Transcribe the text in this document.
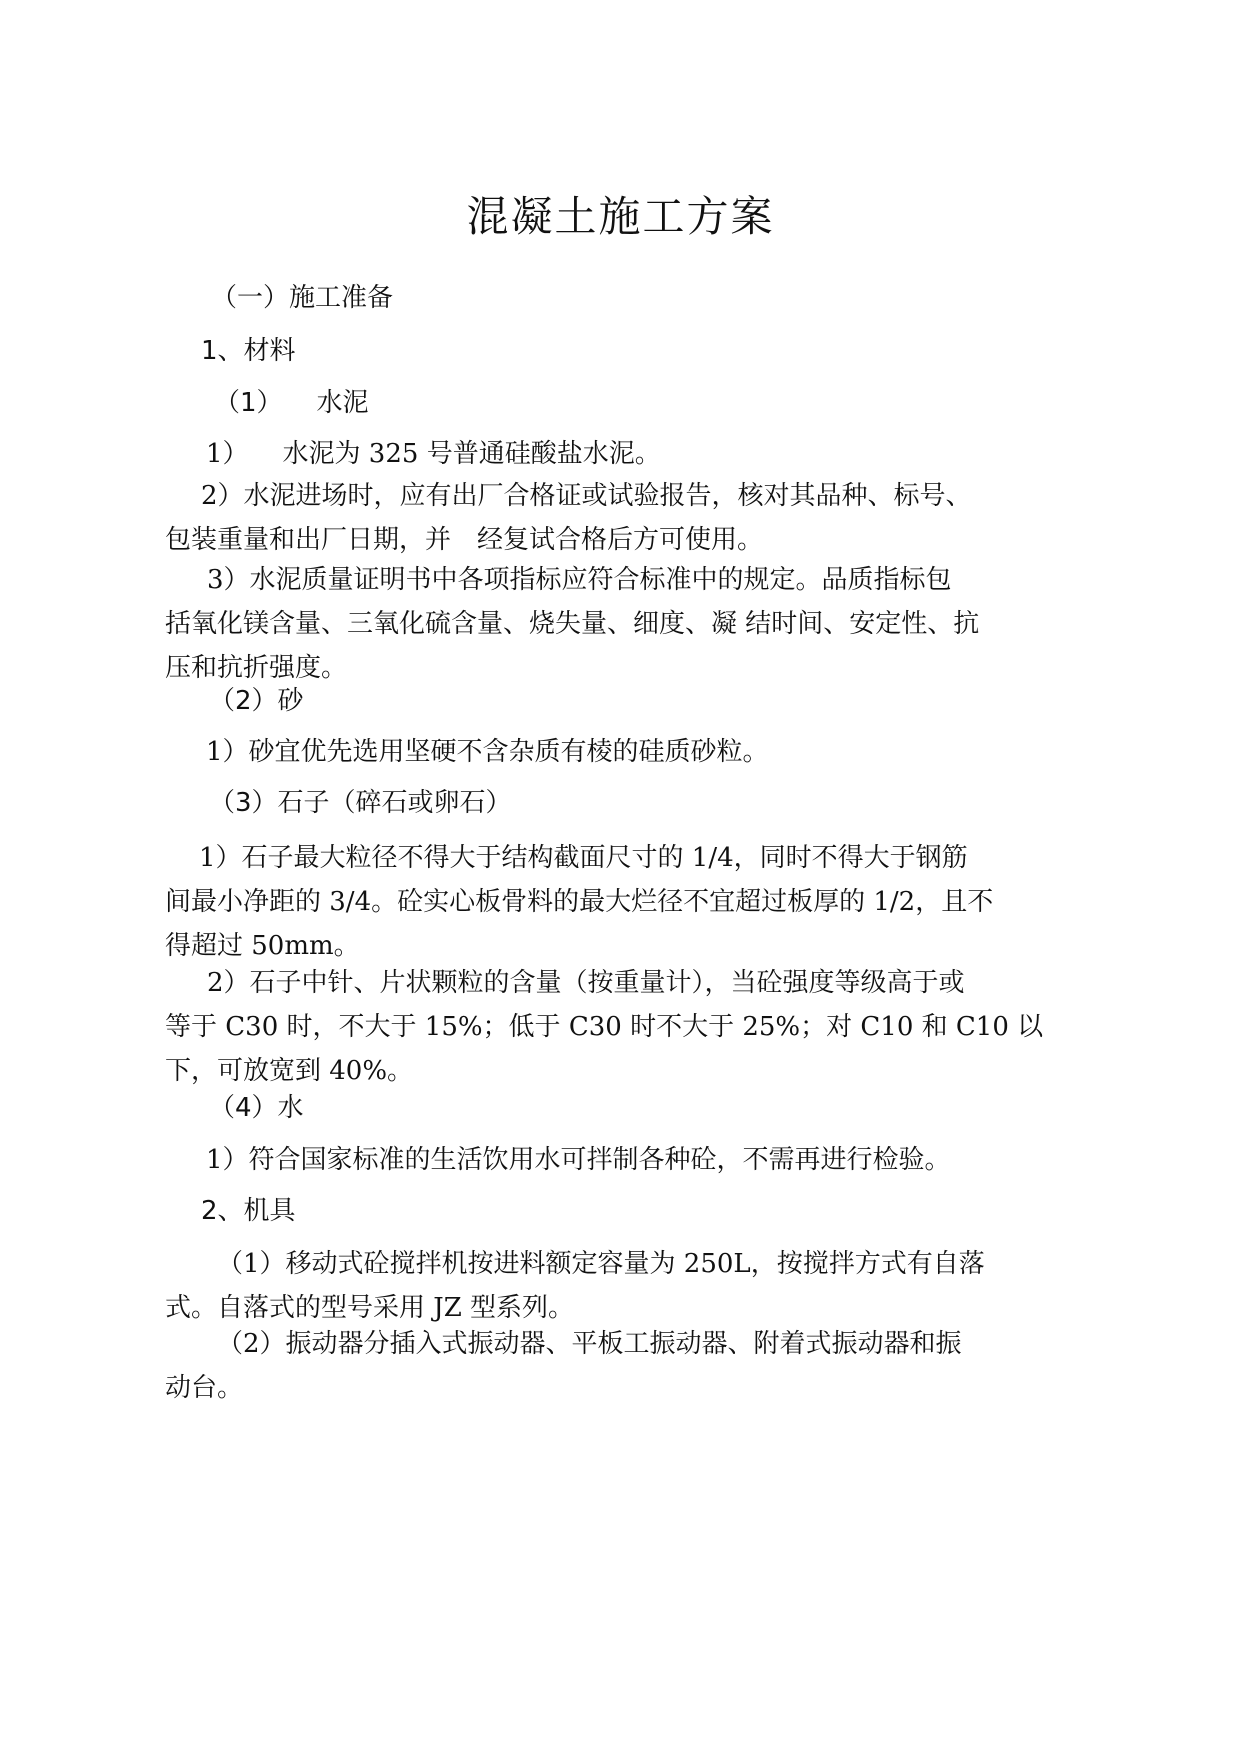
混凝土施工方案
（一）施工准备
1、材料
（1） 水泥
1） 水泥为 325 号普通硅酸盐水泥。
2）水泥进场时，应有出厂合格证或试验报告，核对其品种、标号、
包装重量和出厂日期，并　经复试合格后方可使用。
3）水泥质量证明书中各项指标应符合标准中的规定。品质指标包
括氧化镁含量、三氧化硫含量、烧失量、细度、凝 结时间、安定性、抗
压和抗折强度。
（2）砂
1）砂宜优先选用坚硬不含杂质有棱的硅质砂粒。
（3）石子（碎石或卵石）
1）石子最大粒径不得大于结构截面尺寸的 1/4，同时不得大于钢筋
间最小净距的 3/4。砼实心板骨料的最大烂径不宜超过板厚的 1/2，且不
得超过 50mm。
2）石子中针、片状颗粒的含量（按重量计），当砼强度等级高于或
等于 C30 时，不大于 15%；低于 C30 时不大于 25%；对 C10 和 C10 以
下，可放宽到 40%。
（4）水
1）符合国家标准的生活饮用水可拌制各种砼，不需再进行检验。
2、机具
（1）移动式砼搅拌机按进料额定容量为 250L，按搅拌方式有自落
式。自落式的型号采用 JZ 型系列。
（2）振动器分插入式振动器、平板工振动器、附着式振动器和振
动台。
